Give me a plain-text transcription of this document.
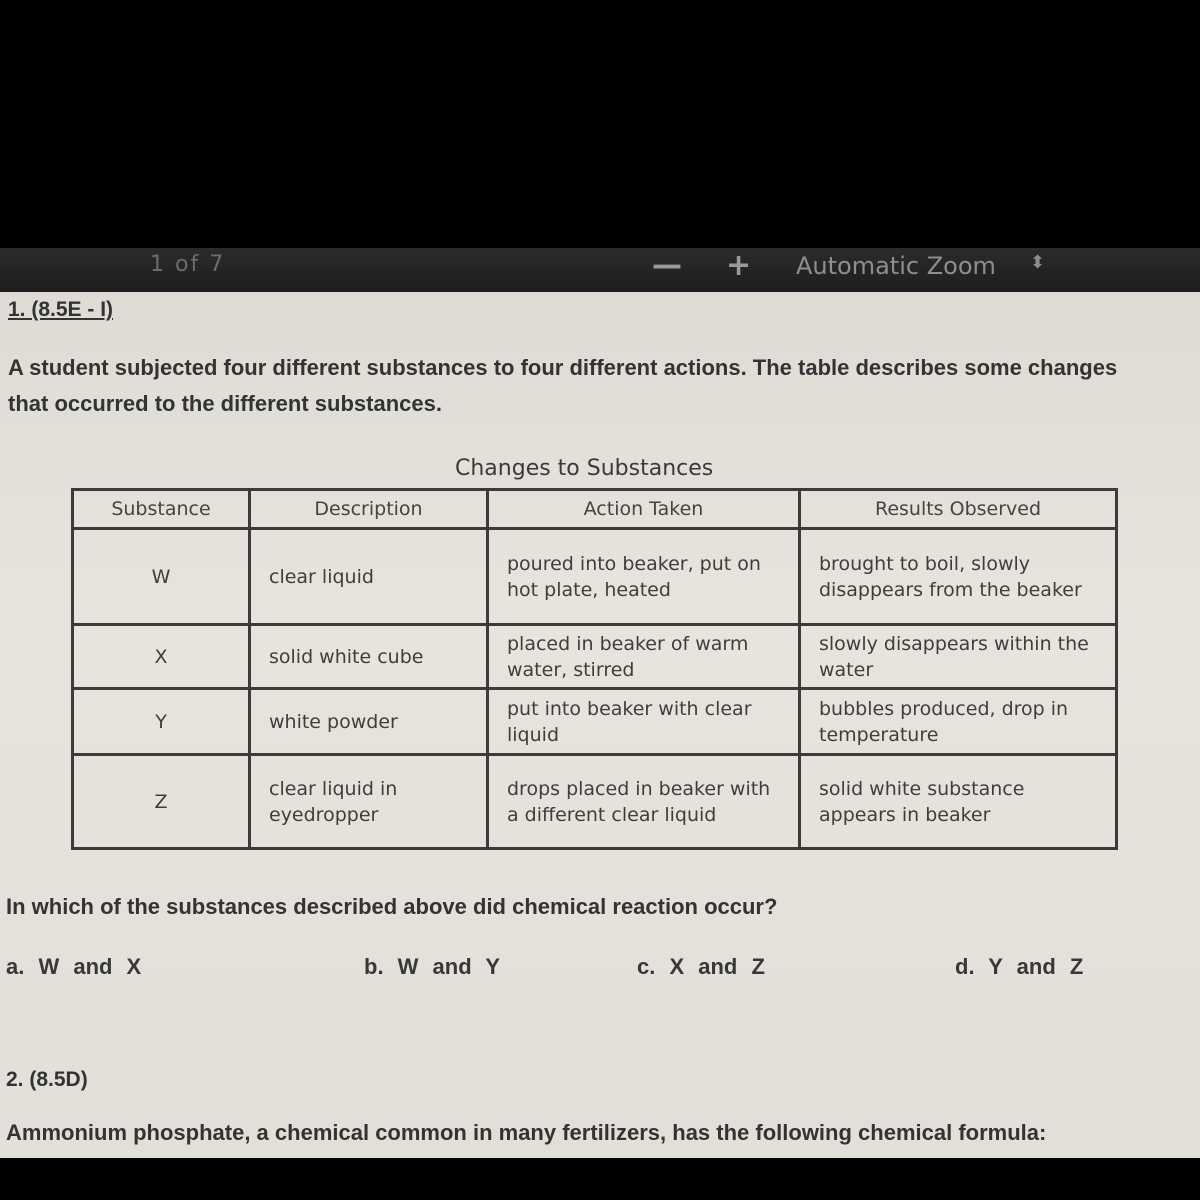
1 of 7	— + Automatic Zoom ⬍
1. (8.5E - I)
A student subjected four different substances to four different actions. The table describes some changes
that occurred to the different substances.
Changes to Substances
Substance	Description	Action Taken	Results Observed
W	clear liquid	poured into beaker, put on hot plate, heated	brought to boil, slowly disappears from the beaker
X	solid white cube	placed in beaker of warm water, stirred	slowly disappears within the water
Y	white powder	put into beaker with clear liquid	bubbles produced, drop in temperature
Z	clear liquid in eyedropper	drops placed in beaker with a different clear liquid	solid white substance appears in beaker
In which of the substances described above did chemical reaction occur?
a. W and X	b. W and Y	c. X and Z	d. Y and Z
2. (8.5D)
Ammonium phosphate, a chemical common in many fertilizers, has the following chemical formula:
